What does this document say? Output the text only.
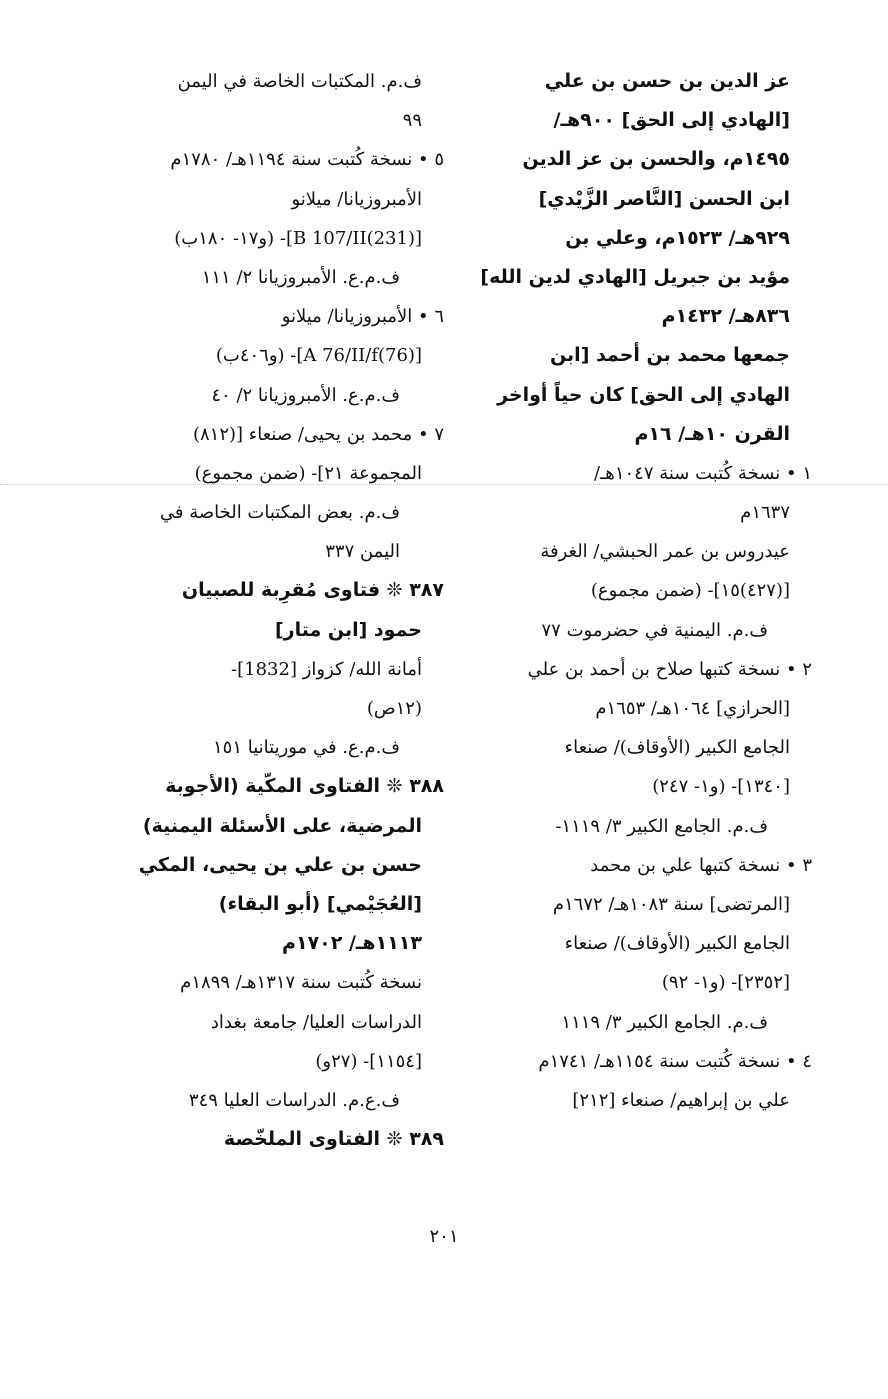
عز الدين بن حسن بن علي
[الهادي إلى الحق] ٩٠٠هـ/
١٤٩٥م، والحسن بن عز الدين
ابن الحسن [النَّاصر الزَّيْدي]
٩٢٩هـ/ ١٥٢٣م، وعلي بن
مؤيد بن جبريل [الهادي لدين الله]
٨٣٦هـ/ ١٤٣٢م
جمعها محمد بن أحمد [ابن
الهادي إلى الحق] كان حياً أواخر
القرن ١٠هـ/ ١٦م
١ • نسخة كُتبت سنة ١٠٤٧هـ/
١٦٣٧م
عيدروس بن عمر الحبشي/ الغرفة
[(٤٢٧)١٥]- (ضمن مجموع)
ف.م. اليمنية في حضرموت ٧٧
٢ • نسخة كتبها صلاح بن أحمد بن علي
[الحرازي] ١٠٦٤هـ/ ١٦٥٣م
الجامع الكبير (الأوقاف)/ صنعاء
[١٣٤٠]- (و١- ٢٤٧)
ف.م. الجامع الكبير ٣/ ١١١٩-
٣ • نسخة كتبها علي بن محمد
[المرتضى] سنة ١٠٨٣هـ/ ١٦٧٢م
الجامع الكبير (الأوقاف)/ صنعاء
[٢٣٥٢]- (و١- ٩٢)
ف.م. الجامع الكبير ٣/ ١١١٩
٤ • نسخة كُتبت سنة ١١٥٤هـ/ ١٧٤١م
علي بن إبراهيم/ صنعاء [٢١٢]
ف.م. المكتبات الخاصة في اليمن
٩٩
٥ • نسخة كُتبت سنة ١١٩٤هـ/ ١٧٨٠م
الأمبروزيانا/ ميلانو
[(231)B 107/II]- (و١٧- ١٨٠ب)
ف.م.ع. الأمبروزيانا ٢/ ١١١
٦ • الأمبروزيانا/ ميلانو
[(76)A 76/II/f]- (و٤٠٦ب)
ف.م.ع. الأمبروزيانا ٢/ ٤٠
٧ • محمد بن يحيى/ صنعاء [(٨١٢)
المجموعة ٢١]- (ضمن مجموع)
ف.م. بعض المكتبات الخاصة في
اليمن ٣٣٧
٣٨٧ ❊ فتاوى مُقرِبة للصبيان
حمود [ابن متار]
أمانة الله/ كزواز [1832]-
(١٢ص)
ف.م.ع. في موريتانيا ١٥١
٣٨٨ ❊ الفتاوى المكّية (الأجوبة
المرضية، على الأسئلة اليمنية)
حسن بن علي بن يحيى، المكي
[العُجَيْمي] (أبو البقاء)
١١١٣هـ/ ١٧٠٢م
نسخة كُتبت سنة ١٣١٧هـ/ ١٨٩٩م
الدراسات العليا/ جامعة بغداد
[١١٥٤]- (٢٧و)
ف.ع.م. الدراسات العليا ٣٤٩
٣٨٩ ❊ الفتاوى الملخّصة
٢٠١
